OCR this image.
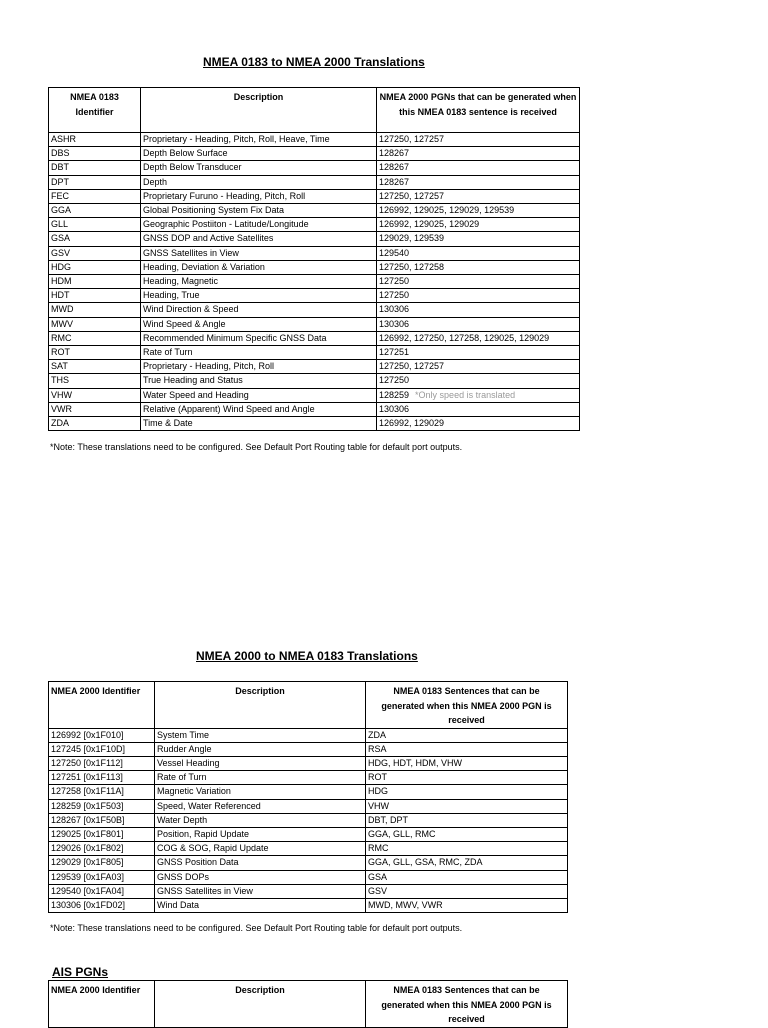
NMEA 0183 to NMEA 2000 Translations
NMEA 0183 Identifier	Description	NMEA 2000 PGNs that can be generated when this NMEA 0183 sentence is received
ASHR	Proprietary - Heading, Pitch, Roll, Heave, Time	127250, 127257
DBS	Depth Below Surface	128267
DBT	Depth Below Transducer	128267
DPT	Depth	128267
FEC	Proprietary Furuno - Heading, Pitch, Roll	127250, 127257
GGA	Global Positioning System Fix Data	126992, 129025, 129029, 129539
GLL	Geographic Postiiton - Latitude/Longitude	126992, 129025, 129029
GSA	GNSS DOP and Active Satellites	129029, 129539
GSV	GNSS Satellites in View	129540
HDG	Heading, Deviation & Variation	127250, 127258
HDM	Heading, Magnetic	127250
HDT	Heading, True	127250
MWD	Wind Direction & Speed	130306
MWV	Wind Speed & Angle	130306
RMC	Recommended Minimum Specific GNSS Data	126992, 127250, 127258, 129025, 129029
ROT	Rate of Turn	127251
SAT	Proprietary - Heading, Pitch, Roll	127250, 127257
THS	True Heading and Status	127250
VHW	Water Speed and Heading	128259 *Only speed is translated
VWR	Relative (Apparent) Wind Speed and Angle	130306
ZDA	Time & Date	126992, 129029
*Note: These translations need to be configured. See Default Port Routing table for default port outputs.
NMEA 2000 to NMEA 0183 Translations
NMEA 2000 Identifier	Description	NMEA 0183 Sentences that can be generated when this NMEA 2000 PGN is received
126992 [0x1F010]	System Time	ZDA
127245 [0x1F10D]	Rudder Angle	RSA
127250 [0x1F112]	Vessel Heading	HDG, HDT, HDM, VHW
127251 [0x1F113]	Rate of Turn	ROT
127258 [0x1F11A]	Magnetic Variation	HDG
128259 [0x1F503]	Speed, Water Referenced	VHW
128267 [0x1F50B]	Water Depth	DBT, DPT
129025 [0x1F801]	Position, Rapid Update	GGA, GLL, RMC
129026 [0x1F802]	COG & SOG, Rapid Update	RMC
129029 [0x1F805]	GNSS Position Data	GGA, GLL, GSA, RMC, ZDA
129539 [0x1FA03]	GNSS DOPs	GSA
129540 [0x1FA04]	GNSS Satellites in View	GSV
130306 [0x1FD02]	Wind Data	MWD, MWV, VWR
*Note: These translations need to be configured. See Default Port Routing table for default port outputs.
AIS PGNs
NMEA 2000 Identifier	Description	NMEA 0183 Sentences that can be generated when this NMEA 2000 PGN is received
